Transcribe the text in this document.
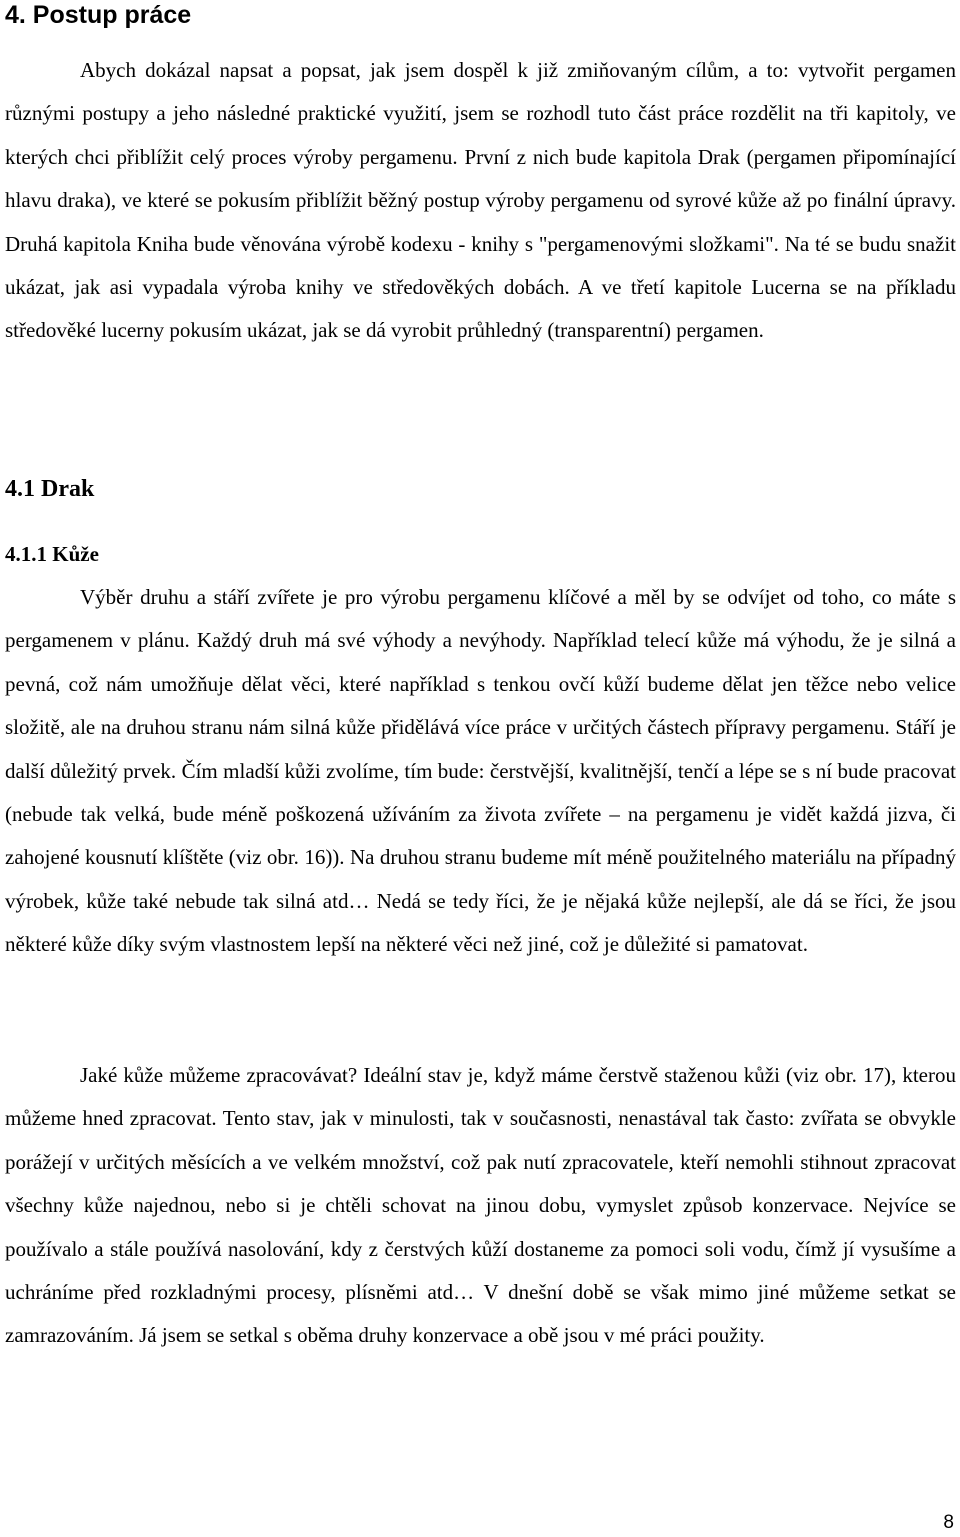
4. Postup práce

Abych dokázal napsat a popsat, jak jsem dospěl k již zmiňovaným cílům, a to: vytvořit pergamen různými postupy a jeho následné praktické využití, jsem se rozhodl tuto část práce rozdělit na tři kapitoly, ve kterých chci přiblížit celý proces výroby pergamenu. První z nich bude kapitola Drak (pergamen připomínající hlavu draka), ve které se pokusím přiblížit běžný postup výroby pergamenu od syrové kůže až po finální úpravy. Druhá kapitola Kniha bude věnována výrobě kodexu - knihy s "pergamenovými složkami". Na té se budu snažit ukázat, jak asi vypadala výroba knihy ve středověkých dobách. A ve třetí kapitole Lucerna se na příkladu středověké lucerny pokusím ukázat, jak se dá vyrobit průhledný (transparentní) pergamen.

4.1 Drak
4.1.1 Kůže

Výběr druhu a stáří zvířete je pro výrobu pergamenu klíčové a měl by se odvíjet od toho, co máte s pergamenem v plánu. Každý druh má své výhody a nevýhody. Například telecí kůže má výhodu, že je silná a pevná, což nám umožňuje dělat věci, které například s tenkou ovčí kůží budeme dělat jen těžce nebo velice složitě, ale na druhou stranu nám silná kůže přidělává více práce v určitých částech přípravy pergamenu. Stáří je další důležitý prvek. Čím mladší kůži zvolíme, tím bude: čerstvější, kvalitnější, tenčí a lépe se s ní bude pracovat (nebude tak velká, bude méně poškozená užíváním za života zvířete – na pergamenu je vidět každá jizva, či zahojené kousnutí klíštěte (viz obr. 16)). Na druhou stranu budeme mít méně použitelného materiálu na případný výrobek, kůže také nebude tak silná atd… Nedá se tedy říci, že je nějaká kůže nejlepší, ale dá se říci, že jsou některé kůže díky svým vlastnostem lepší na některé věci než jiné, což je důležité si pamatovat.

Jaké kůže můžeme zpracovávat? Ideální stav je, když máme čerstvě staženou kůži (viz obr. 17), kterou můžeme hned zpracovat. Tento stav, jak v minulosti, tak v současnosti, nenastával tak často: zvířata se obvykle porážejí v určitých měsících a ve velkém množství, což pak nutí zpracovatele, kteří nemohli stihnout zpracovat všechny kůže najednou, nebo si je chtěli schovat na jinou dobu, vymyslet způsob konzervace. Nejvíce se používalo a stále používá nasolování, kdy z čerstvých kůží dostaneme za pomoci soli vodu, čímž jí vysušíme a uchráníme před rozkladnými procesy, plísněmi atd… V dnešní době se však mimo jiné můžeme setkat se zamrazováním. Já jsem se setkal s oběma druhy konzervace a obě jsou v mé práci použity.

8
